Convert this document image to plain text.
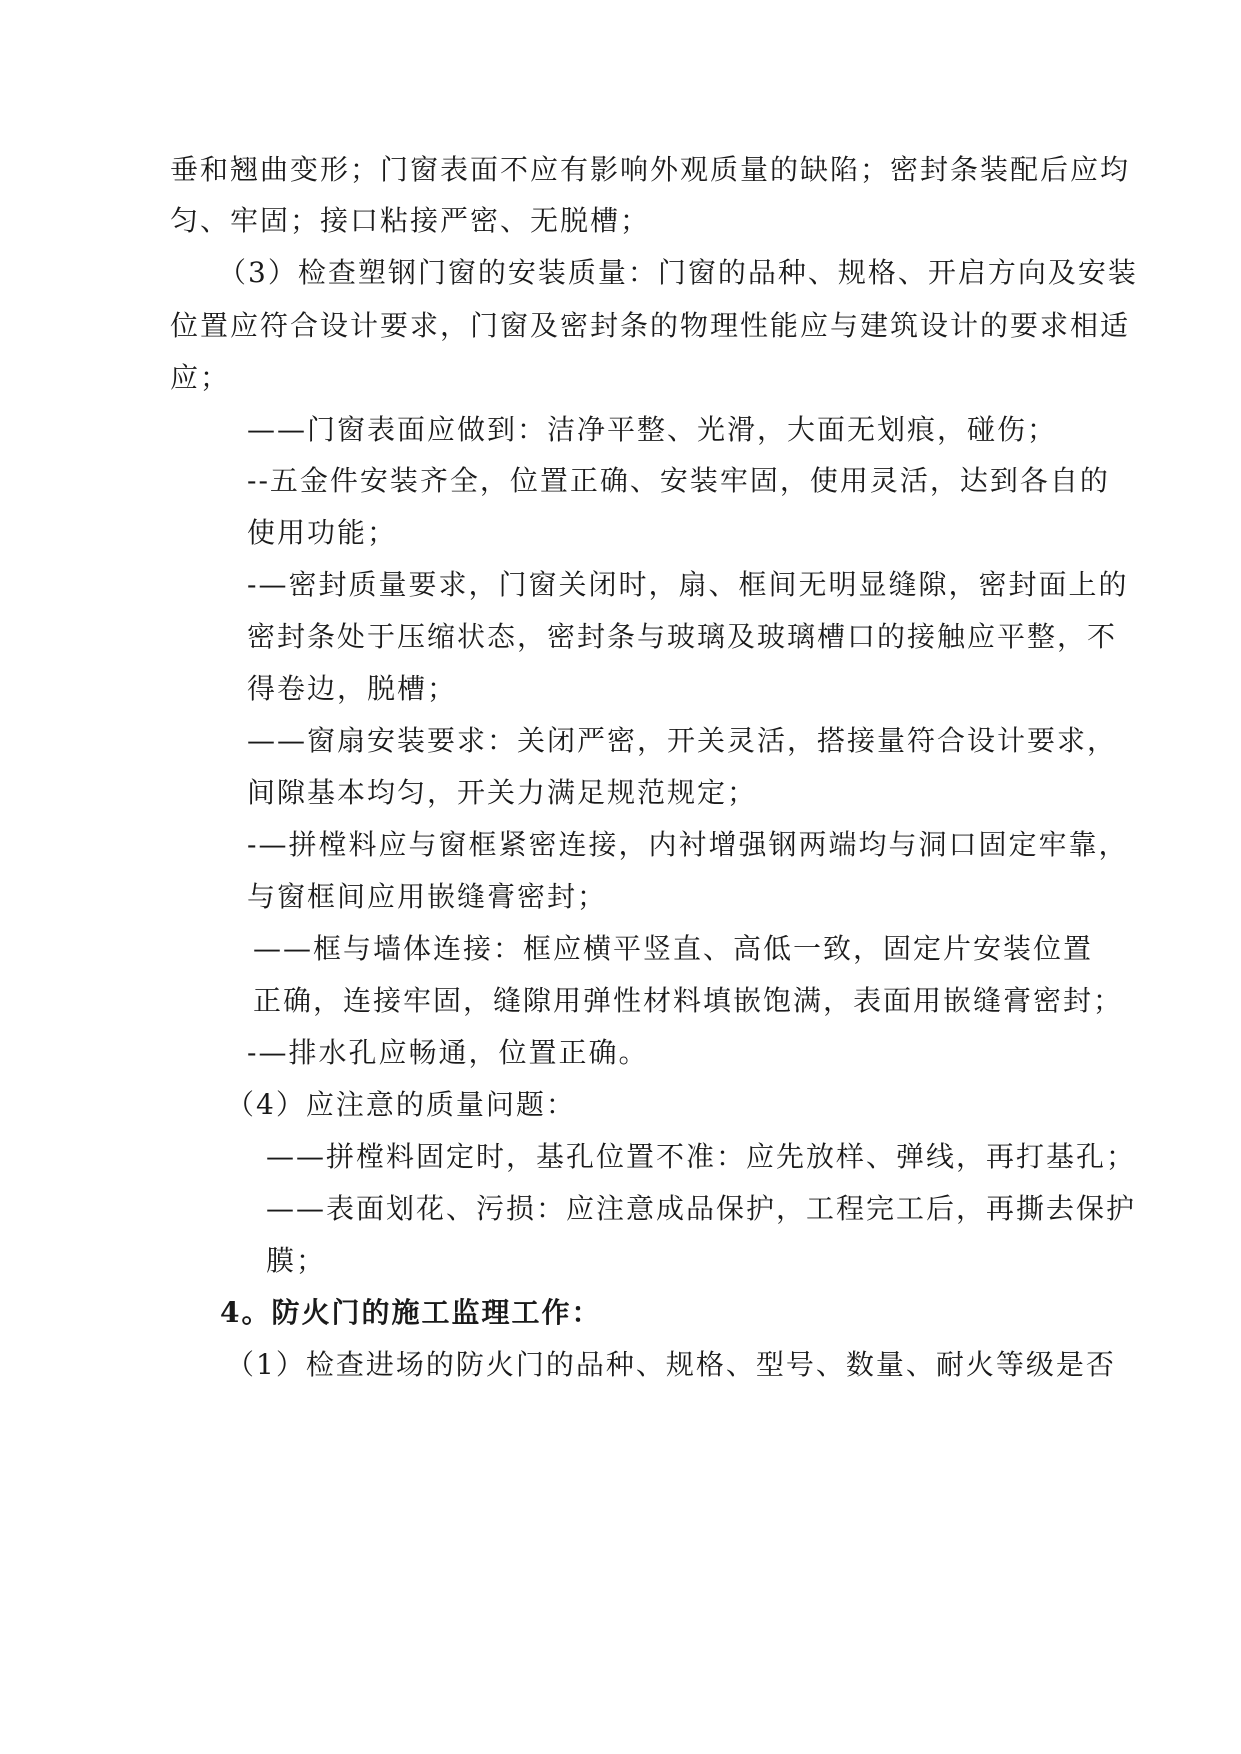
垂和翘曲变形；门窗表面不应有影响外观质量的缺陷；密封条装配后应均
匀、牢固；接口粘接严密、无脱槽；
（3）检查塑钢门窗的安装质量：门窗的品种、规格、开启方向及安装
位置应符合设计要求，门窗及密封条的物理性能应与建筑设计的要求相适
应；
——门窗表面应做到：洁净平整、光滑，大面无划痕，碰伤；
--五金件安装齐全，位置正确、安装牢固，使用灵活，达到各自的
使用功能；
-—密封质量要求，门窗关闭时，扇、框间无明显缝隙，密封面上的
密封条处于压缩状态，密封条与玻璃及玻璃槽口的接触应平整，不
得卷边，脱槽；
——窗扇安装要求：关闭严密，开关灵活，搭接量符合设计要求，
间隙基本均匀，开关力满足规范规定；
-—拼樘料应与窗框紧密连接，内衬增强钢两端均与洞口固定牢靠，
与窗框间应用嵌缝膏密封；
——框与墙体连接：框应横平竖直、高低一致，固定片安装位置
正确，连接牢固，缝隙用弹性材料填嵌饱满，表面用嵌缝膏密封；
-—排水孔应畅通，位置正确。
（4）应注意的质量问题：
——拼樘料固定时，基孔位置不准：应先放样、弹线，再打基孔；
——表面划花、污损：应注意成品保护，工程完工后，再撕去保护
膜；
4。防火门的施工监理工作：
（1）检查进场的防火门的品种、规格、型号、数量、耐火等级是否
